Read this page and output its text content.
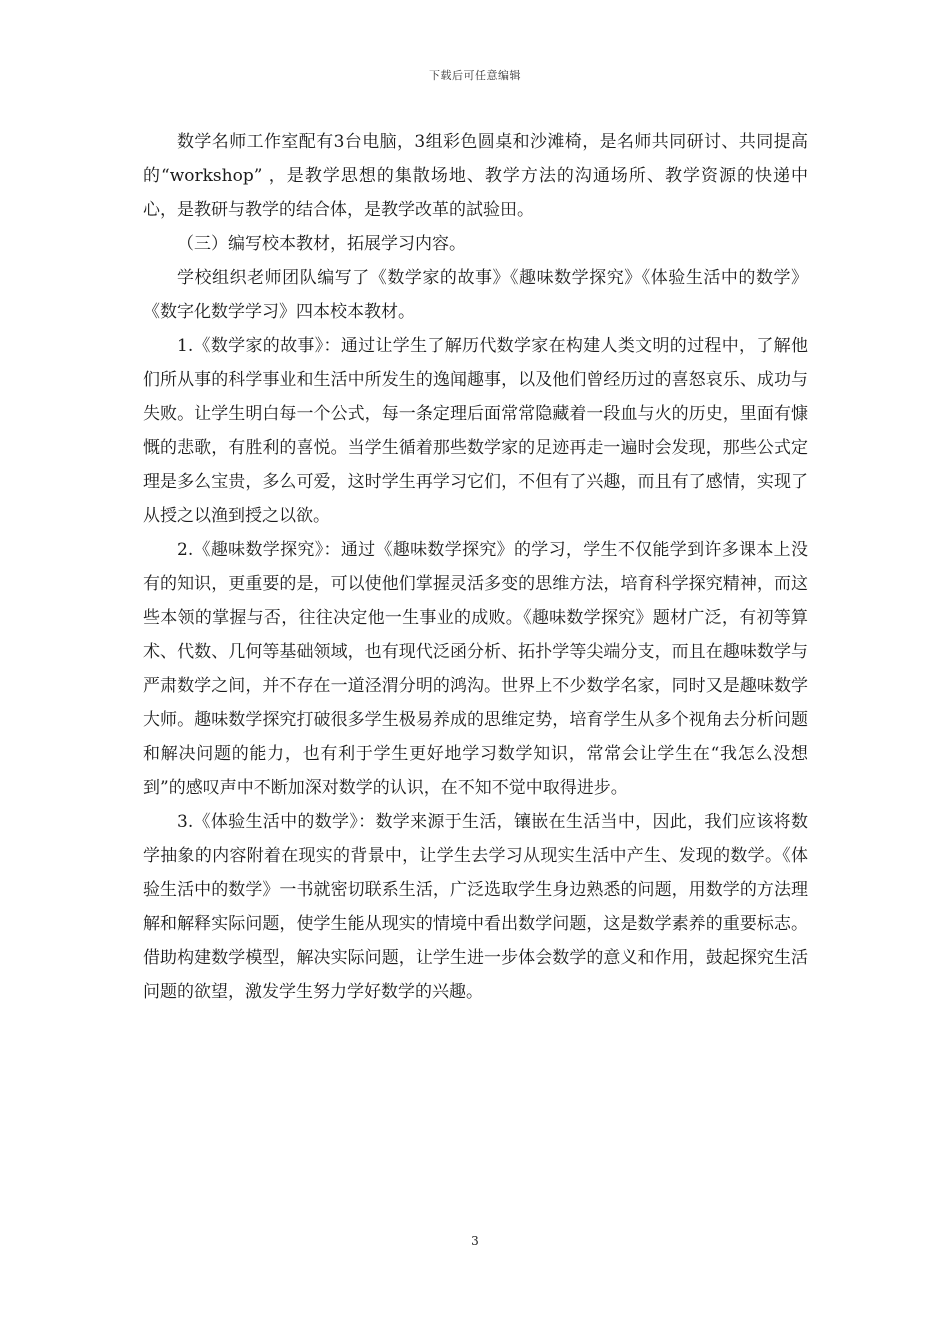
下载后可任意编辑

数学名师工作室配有3台电脑，3组彩色圆桌和沙滩椅，是名师共同研讨、共同提高的“workshop” ，是教学思想的集散场地、教学方法的沟通场所、教学资源的快递中心，是教研与教学的结合体，是教学改革的試验田。

（三）编写校本教材，拓展学习内容。

学校组织老师团队编写了《数学家的故事》《趣味数学探究》《体验生活中的数学》《数字化数学学习》四本校本教材。

1.《数学家的故事》：通过让学生了解历代数学家在构建人类文明的过程中，了解他们所从事的科学事业和生活中所发生的逸闻趣事，以及他们曾经历过的喜怒哀乐、成功与失败。让学生明白每一个公式，每一条定理后面常常隐藏着一段血与火的历史，里面有慷慨的悲歌，有胜利的喜悦。当学生循着那些数学家的足迹再走一遍时会发现，那些公式定理是多么宝贵，多么可爱，这时学生再学习它们，不但有了兴趣，而且有了感情，实现了从授之以渔到授之以欲。

2.《趣味数学探究》：通过《趣味数学探究》的学习，学生不仅能学到许多课本上没有的知识，更重要的是，可以使他们掌握灵活多变的思维方法，培育科学探究精神，而这些本领的掌握与否，往往决定他一生事业的成败。《趣味数学探究》题材广泛，有初等算术、代数、几何等基础领域，也有现代泛函分析、拓扑学等尖端分支，而且在趣味数学与严肃数学之间，并不存在一道泾渭分明的鸿沟。世界上不少数学名家，同时又是趣味数学大师。趣味数学探究打破很多学生极易养成的思维定势，培育学生从多个视角去分析问题和解决问题的能力，也有利于学生更好地学习数学知识，常常会让学生在“我怎么没想到”的感叹声中不断加深对数学的认识，在不知不觉中取得进步。

3.《体验生活中的数学》：数学来源于生活，镶嵌在生活当中，因此，我们应该将数学抽象的内容附着在现实的背景中，让学生去学习从现实生活中产生、发现的数学。《体验生活中的数学》一书就密切联系生活，广泛选取学生身边熟悉的问题，用数学的方法理解和解释实际问题，使学生能从现实的情境中看出数学问题，这是数学素养的重要标志。借助构建数学模型，解决实际问题，让学生进一步体会数学的意义和作用，鼓起探究生活问题的欲望，激发学生努力学好数学的兴趣。

3
